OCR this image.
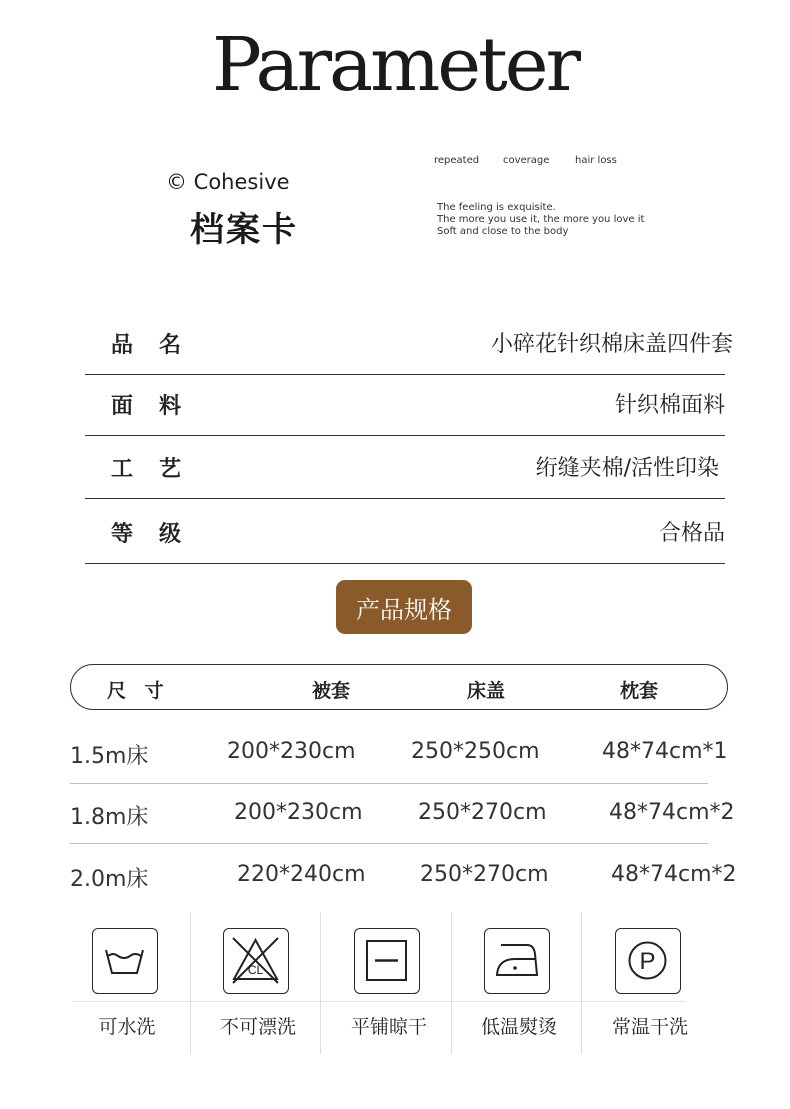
Parameter
© Cohesive
档案卡
repeated coverage	hair loss
The feeling is exquisite.
The more you use it, the more you love it
Soft and close to the body
品名	小碎花针织棉床盖四件套
面料	针织棉面料
工艺	绗缝夹棉/活性印染
等级	合格品
产品规格
尺 寸	被套	床盖	枕套
1.5m床	200*230cm	250*250cm	48*74cm*1
1.8m床	200*230cm	250*270cm	48*74cm*2
2.0m床	220*240cm 250*270cm	48*74cm*2
可水洗
CL
不可漂洗	平铺晾干	低温熨烫
P
常温干洗
